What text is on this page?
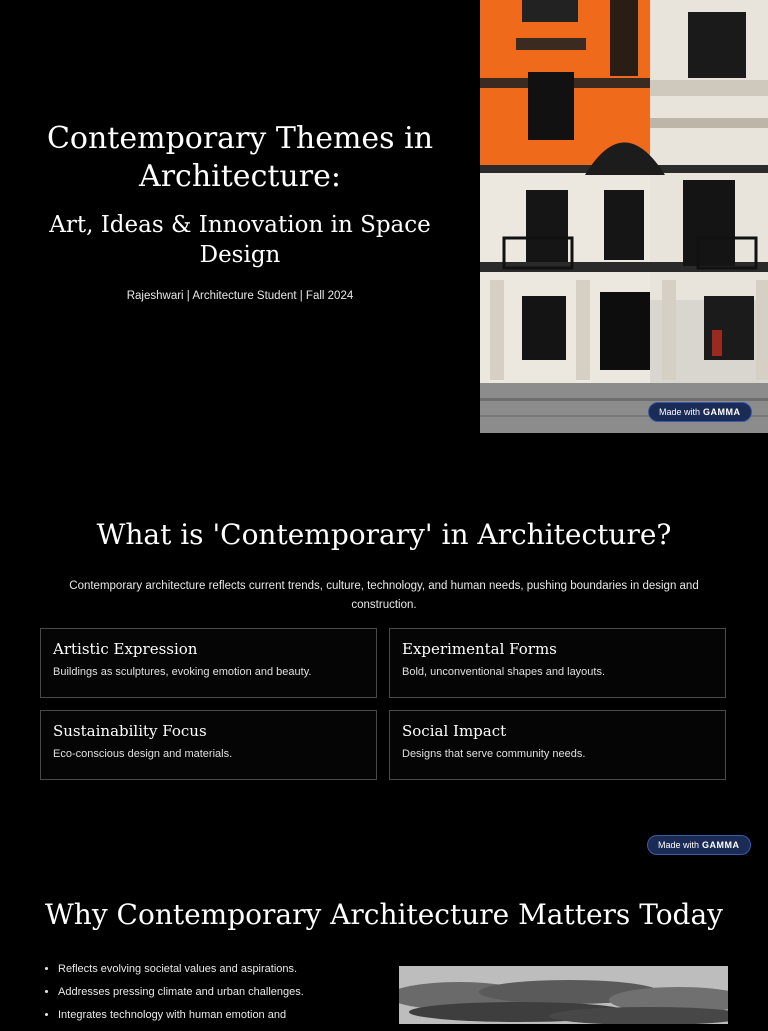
Contemporary Themes in Architecture:
Art, Ideas & Innovation in Space Design
Rajeshwari | Architecture Student | Fall 2024
Made with GAMMA
What is 'Contemporary' in Architecture?
Contemporary architecture reflects current trends, culture, technology, and human needs, pushing boundaries in design and construction.
Artistic Expression
Buildings as sculptures, evoking emotion and beauty.
Experimental Forms
Bold, unconventional shapes and layouts.
Sustainability Focus
Eco-conscious design and materials.
Social Impact
Designs that serve community needs.
Made with GAMMA
Why Contemporary Architecture Matters Today
• Reflects evolving societal values and aspirations.
• Addresses pressing climate and urban challenges.
• Integrates technology with human emotion and
